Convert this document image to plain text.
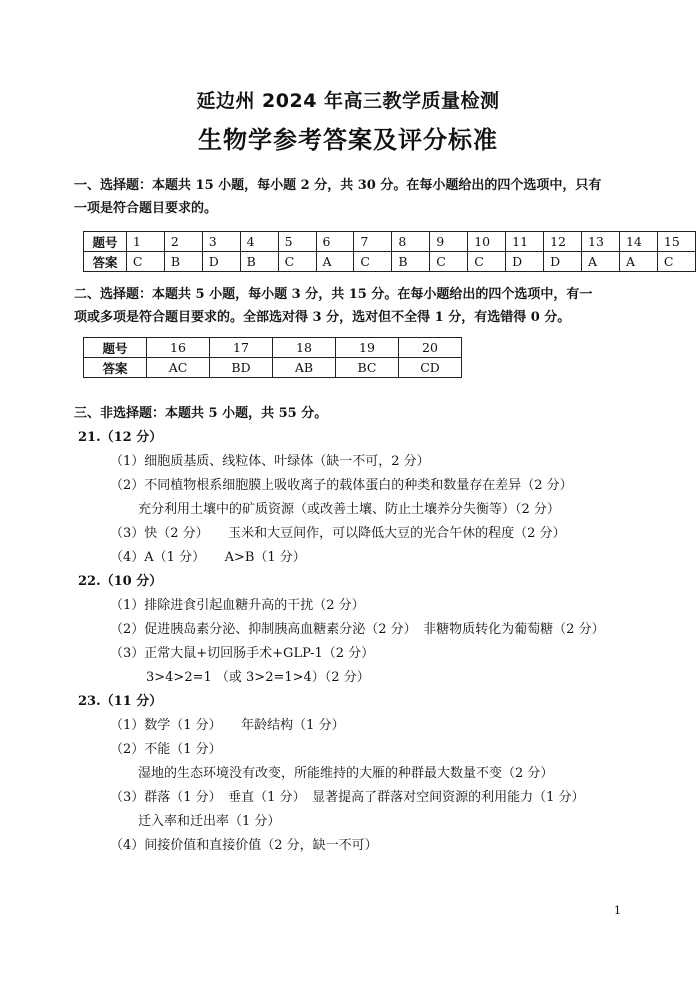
延边州 2024 年高三教学质量检测
生物学参考答案及评分标准
一、选择题：本题共 15 小题，每小题 2 分，共 30 分。在每小题给出的四个选项中，只有
一项是符合题目要求的。
题号	1	2	3	4	5	6	7	8	9	10	11	12	13	14	15
答案	C	B	D	B	C	A	C	B	C	C	D	D	A	A	C
二、选择题：本题共 5 小题，每小题 3 分，共 15 分。在每小题给出的四个选项中，有一
项或多项是符合题目要求的。全部选对得 3 分，选对但不全得 1 分，有选错得 0 分。
题号	16	17	18	19	20
答案	AC	BD	AB	BC	CD
三、非选择题：本题共 5 小题，共 55 分。
21.（12 分）
（1）细胞质基质、线粒体、叶绿体（缺一不可，2 分）
（2）不同植物根系细胞膜上吸收离子的载体蛋白的种类和数量存在差异（2 分）
充分利用土壤中的矿质资源（或改善土壤、防止土壤养分失衡等）（2 分）
（3）快（2 分）　　玉米和大豆间作，可以降低大豆的光合午休的程度（2 分）
（4）A（1 分）　　A>B（1 分）
22.（10 分）
（1）排除进食引起血糖升高的干扰（2 分）
（2）促进胰岛素分泌、抑制胰高血糖素分泌（2 分）　非糖物质转化为葡萄糖（2 分）
（3）正常大鼠+切回肠手术+GLP-1（2 分）
3>4>2=1 （或 3>2=1>4）（2 分）
23.（11 分）
（1）数学（1 分）　　年龄结构（1 分）
（2）不能（1 分）
湿地的生态环境没有改变，所能维持的大雁的种群最大数量不变（2 分）
（3）群落（1 分）　垂直（1 分）　显著提高了群落对空间资源的利用能力（1 分）
迁入率和迁出率（1 分）
（4）间接价值和直接价值（2 分，缺一不可）
1
